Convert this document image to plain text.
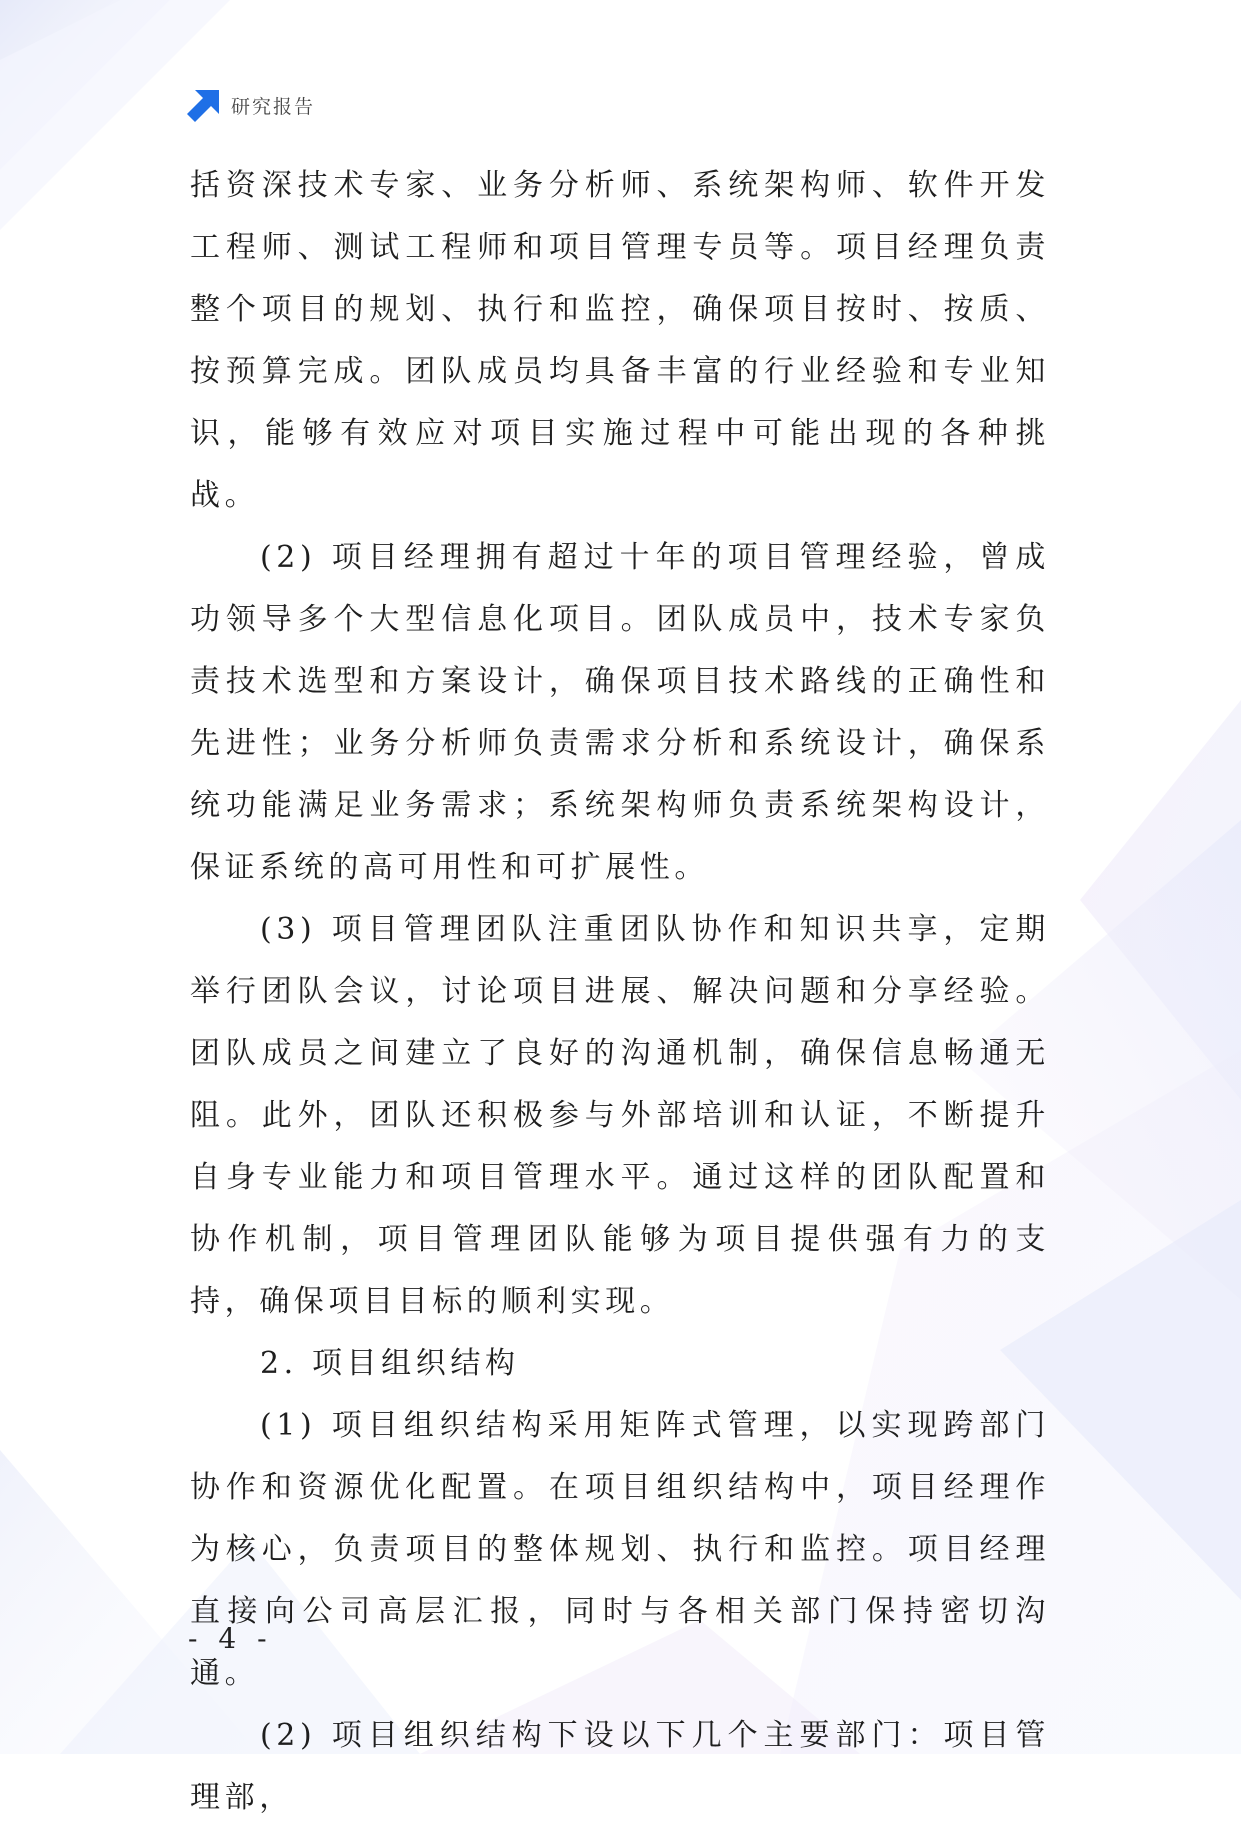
研究报告

括资深技术专家、业务分析师、系统架构师、软件开发工程师、测试工程师和项目管理专员等。项目经理负责整个项目的规划、执行和监控，确保项目按时、按质、按预算完成。团队成员均具备丰富的行业经验和专业知识，能够有效应对项目实施过程中可能出现的各种挑战。

(2) 项目经理拥有超过十年的项目管理经验，曾成功领导多个大型信息化项目。团队成员中，技术专家负责技术选型和方案设计，确保项目技术路线的正确性和先进性；业务分析师负责需求分析和系统设计，确保系统功能满足业务需求；系统架构师负责系统架构设计，保证系统的高可用性和可扩展性。

(3) 项目管理团队注重团队协作和知识共享，定期举行团队会议，讨论项目进展、解决问题和分享经验。团队成员之间建立了良好的沟通机制，确保信息畅通无阻。此外，团队还积极参与外部培训和认证，不断提升自身专业能力和项目管理水平。通过这样的团队配置和协作机制，项目管理团队能够为项目提供强有力的支持，确保项目目标的顺利实现。

2. 项目组织结构

(1) 项目组织结构采用矩阵式管理，以实现跨部门协作和资源优化配置。在项目组织结构中，项目经理作为核心，负责项目的整体规划、执行和监控。项目经理直接向公司高层汇报，同时与各相关部门保持密切沟通。

(2) 项目组织结构下设以下几个主要部门：项目管理部，

- 4 -
